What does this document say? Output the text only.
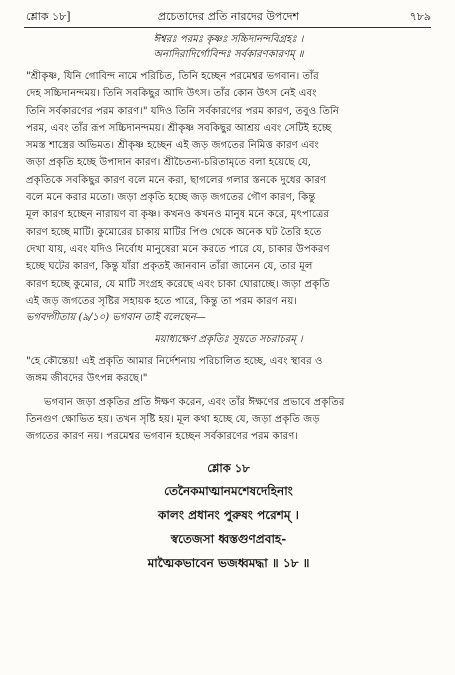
শ্লোক ১৮]	প্রচেতাদের প্রতি নারদের উপদেশ	৭৮৯
ঈশ্বরঃ পরমঃ কৃষ্ণঃ সচ্চিদানন্দবিগ্রহঃ ।
অনাদিরাদির্গোবিন্দঃ সর্বকারণকারণম্‌ ॥
"শ্রীকৃষ্ণ, যিনি গোবিন্দ নামে পরিচিত, তিনি হচ্ছেন পরমেশ্বর ভগবান। তাঁর
দেহ সচ্চিদানন্দময়। তিনি সবকিছুর আদি উৎস। তাঁর কোন উৎস নেই এবং
তিনি সর্বকারণের পরম কারণ।" যদিও তিনি সর্বকারণের পরম কারণ, তবুও তিনি
পরম, এবং তাঁর রূপ সচ্চিদানন্দময়। শ্রীকৃষ্ণ সবকিছুর আশ্রয় এবং সেটিই হচ্ছে
সমস্ত শাস্ত্রের অভিমত। শ্রীকৃষ্ণ হচ্ছেন এই জড় জগতের নিমিত্ত কারণ এবং
জড়া প্রকৃতি হচ্ছে উপাদান কারণ। শ্রীচৈতন্য-চরিতামৃতে বলা হয়েছে যে,
প্রকৃতিকে সবকিছুর কারণ বলে মনে করা, ছাগলের গলার স্তনকে দুধের কারণ
বলে মনে করার মতো। জড়া প্রকৃতি হচ্ছে জড় জগতের গৌণ কারণ, কিন্তু
মূল কারণ হচ্ছেন নারায়ণ বা কৃষ্ণ। কখনও কখনও মানুষ মনে করে, মৃৎপাত্রের
কারণ হচ্ছে মাটি। কুমোরের চাকায় মাটির পিণ্ড থেকে অনেক ঘট তৈরি হতে
দেখা যায়, এবং যদিও নির্বোধ মানুষেরা মনে করতে পারে যে, চাকার উপকরণ
হচ্ছে ঘটের কারণ, কিন্তু যাঁরা প্রকৃতই জানবান তাঁরা জানেন যে, তার মূল
কারণ হচ্ছে কুমোর, যে মাটি সংগ্রহ করেছে এবং চাকা ঘোরাচ্ছে। জড়া প্রকৃতি
এই জড় জগতের সৃষ্টির সহায়ক হতে পারে, কিন্তু তা পরম কারণ নয়।
ভগবদ্গীতায় (৯/১০) ভগবান তাই বলেছেন—
ময়াধ্যক্ষেণ প্রকৃতিঃ সূয়তে সচরাচরম্‌ ।
"হে কৌন্তেয়! এই প্রকৃতি আমার নির্দেশনায় পরিচালিত হচ্ছে, এবং স্থাবর ও
জঙ্গম জীবদের উৎপন্ন করছে।"
ভগবান জড়া প্রকৃতির প্রতি ঈক্ষণ করেন, এবং তাঁর ঈক্ষণের প্রভাবে প্রকৃতির
তিনগুণ ক্ষোভিত হয়। তখন সৃষ্টি হয়। মূল কথা হচ্ছে যে, জড়া প্রকৃতি জড়
জগতের কারণ নয়। পরমেশ্বর ভগবান হচ্ছেন সর্বকারণের পরম কারণ।
শ্লোক ১৮
তেনৈকমাত্মানমশেষদেহিনাং
কালং প্রধানং পুরুষং পরেশম্‌ ।
স্বতেজসা ধ্বস্তগুণপ্রবাহ-
মাত্মৈকভাবেন ভজধ্বমদ্ধা ॥ ১৮ ॥
